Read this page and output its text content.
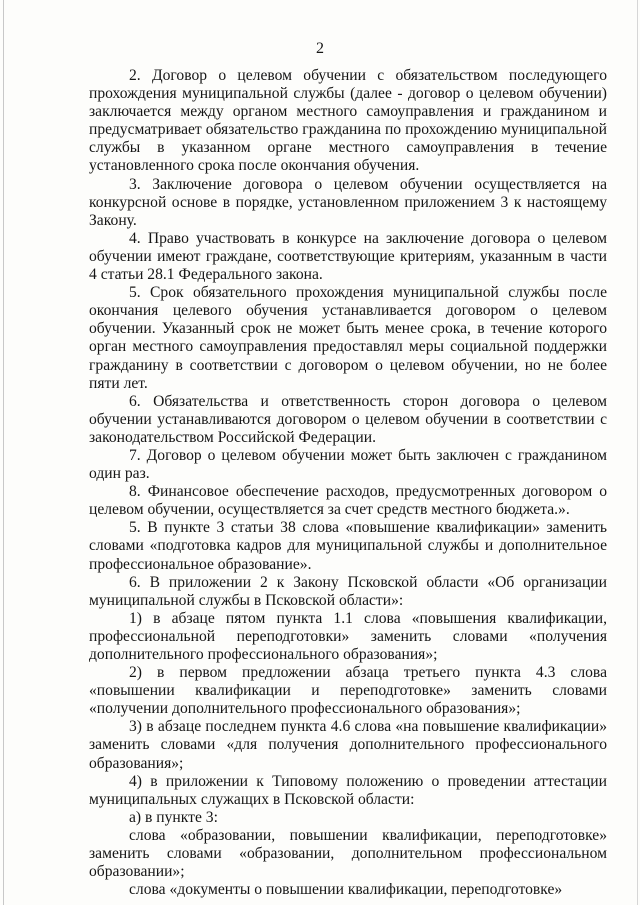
2

2. Договор о целевом обучении с обязательством последующего прохождения муниципальной службы (далее - договор о целевом обучении) заключается между органом местного самоуправления и гражданином и предусматривает обязательство гражданина по прохождению муниципальной службы в указанном органе местного самоуправления в течение установленного срока после окончания обучения.

3. Заключение договора о целевом обучении осуществляется на конкурсной основе в порядке, установленном приложением 3 к настоящему Закону.

4. Право участвовать в конкурсе на заключение договора о целевом обучении имеют граждане, соответствующие критериям, указанным в части 4 статьи 28.1 Федерального закона.

5. Срок обязательного прохождения муниципальной службы после окончания целевого обучения устанавливается договором о целевом обучении. Указанный срок не может быть менее срока, в течение которого орган местного самоуправления предоставлял меры социальной поддержки гражданину в соответствии с договором о целевом обучении, но не более пяти лет.

6. Обязательства и ответственность сторон договора о целевом обучении устанавливаются договором о целевом обучении в соответствии с законодательством Российской Федерации.

7. Договор о целевом обучении может быть заключен с гражданином один раз.

8. Финансовое обеспечение расходов, предусмотренных договором о целевом обучении, осуществляется за счет средств местного бюджета.».

5. В пункте 3 статьи 38 слова «повышение квалификации» заменить словами «подготовка кадров для муниципальной службы и дополнительное профессиональное образование».

6. В приложении 2 к Закону Псковской области «Об организации муниципальной службы в Псковской области»:

1) в абзаце пятом пункта 1.1 слова «повышения квалификации, профессиональной переподготовки» заменить словами «получения дополнительного профессионального образования»;

2) в первом предложении абзаца третьего пункта 4.3 слова «повышении квалификации и переподготовке» заменить словами «получении дополнительного профессионального образования»;

3) в абзаце последнем пункта 4.6 слова «на повышение квалификации» заменить словами «для получения дополнительного профессионального образования»;

4) в приложении к Типовому положению о проведении аттестации муниципальных служащих в Псковской области:

а) в пункте 3:

слова «образовании, повышении квалификации, переподготовке» заменить словами «образовании, дополнительном профессиональном образовании»;

слова «документы о повышении квалификации, переподготовке»
